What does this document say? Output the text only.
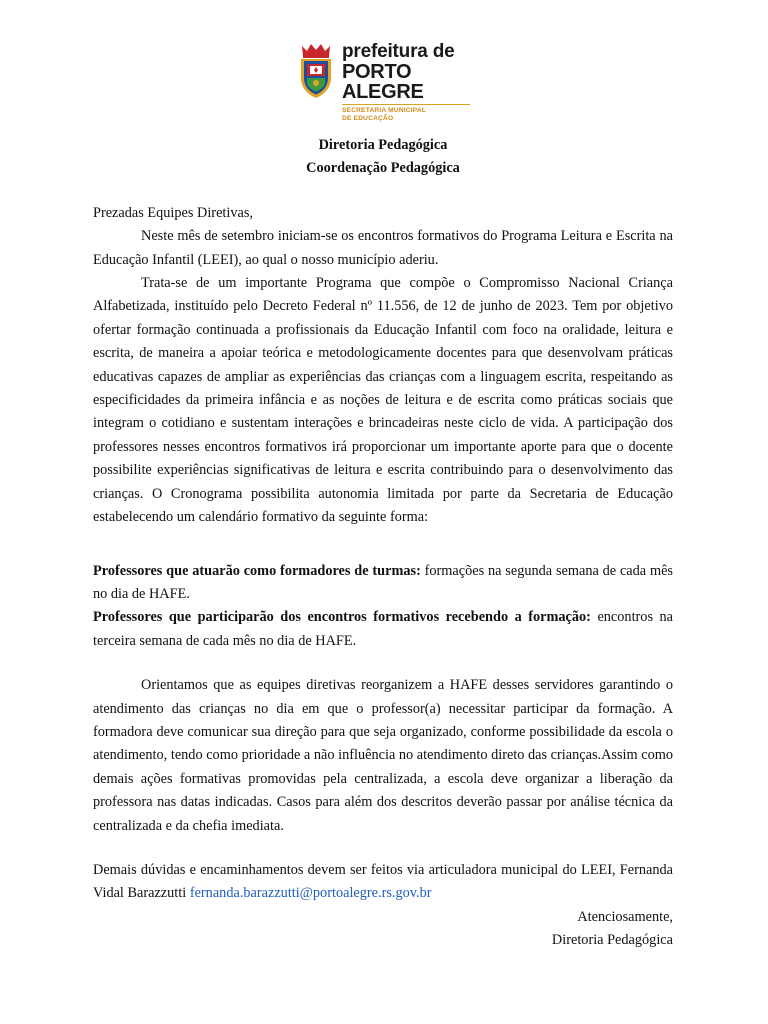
prefeitura de
PORTO ALEGRE
SECRETARIA MUNICIPAL
DE EDUCAÇÃO
Diretoria Pedagógica
Coordenação Pedagógica

Prezadas Equipes Diretivas,

Neste mês de setembro iniciam-se os encontros formativos do Programa Leitura e Escrita na Educação Infantil (LEEI), ao qual o nosso município aderiu.

Trata-se de um importante Programa que compõe o Compromisso Nacional Criança Alfabetizada, instituído pelo Decreto Federal nº 11.556, de 12 de junho de 2023. Tem por objetivo ofertar formação continuada a profissionais da Educação Infantil com foco na oralidade, leitura e escrita, de maneira a apoiar teórica e metodologicamente docentes para que desenvolvam práticas educativas capazes de ampliar as experiências das crianças com a linguagem escrita, respeitando as especificidades da primeira infância e as noções de leitura e de escrita como práticas sociais que integram o cotidiano e sustentam interações e brincadeiras neste ciclo de vida. A participação dos professores nesses encontros formativos irá proporcionar um importante aporte para que o docente possibilite experiências significativas de leitura e escrita contribuindo para o desenvolvimento das crianças. O Cronograma possibilita autonomia limitada por parte da Secretaria de Educação estabelecendo um calendário formativo da seguinte forma:

Professores que atuarão como formadores de turmas: formações na segunda semana de cada mês no dia de HAFE.

Professores que participarão dos encontros formativos recebendo a formação: encontros na terceira semana de cada mês no dia de HAFE.

Orientamos que as equipes diretivas reorganizem a HAFE desses servidores garantindo o atendimento das crianças no dia em que o professor(a) necessitar participar da formação. A formadora deve comunicar sua direção para que seja organizado, conforme possibilidade da escola o atendimento, tendo como prioridade a não influência no atendimento direto das crianças.Assim como demais ações formativas promovidas pela centralizada, a escola deve organizar a liberação da professora nas datas indicadas. Casos para além dos descritos deverão passar por análise técnica da centralizada e da chefia imediata.

Demais dúvidas e encaminhamentos devem ser feitos via articuladora municipal do LEEI, Fernanda Vidal Barazzutti fernanda.barazzutti@portoalegre.rs.gov.br

Atenciosamente,

Diretoria Pedagógica
